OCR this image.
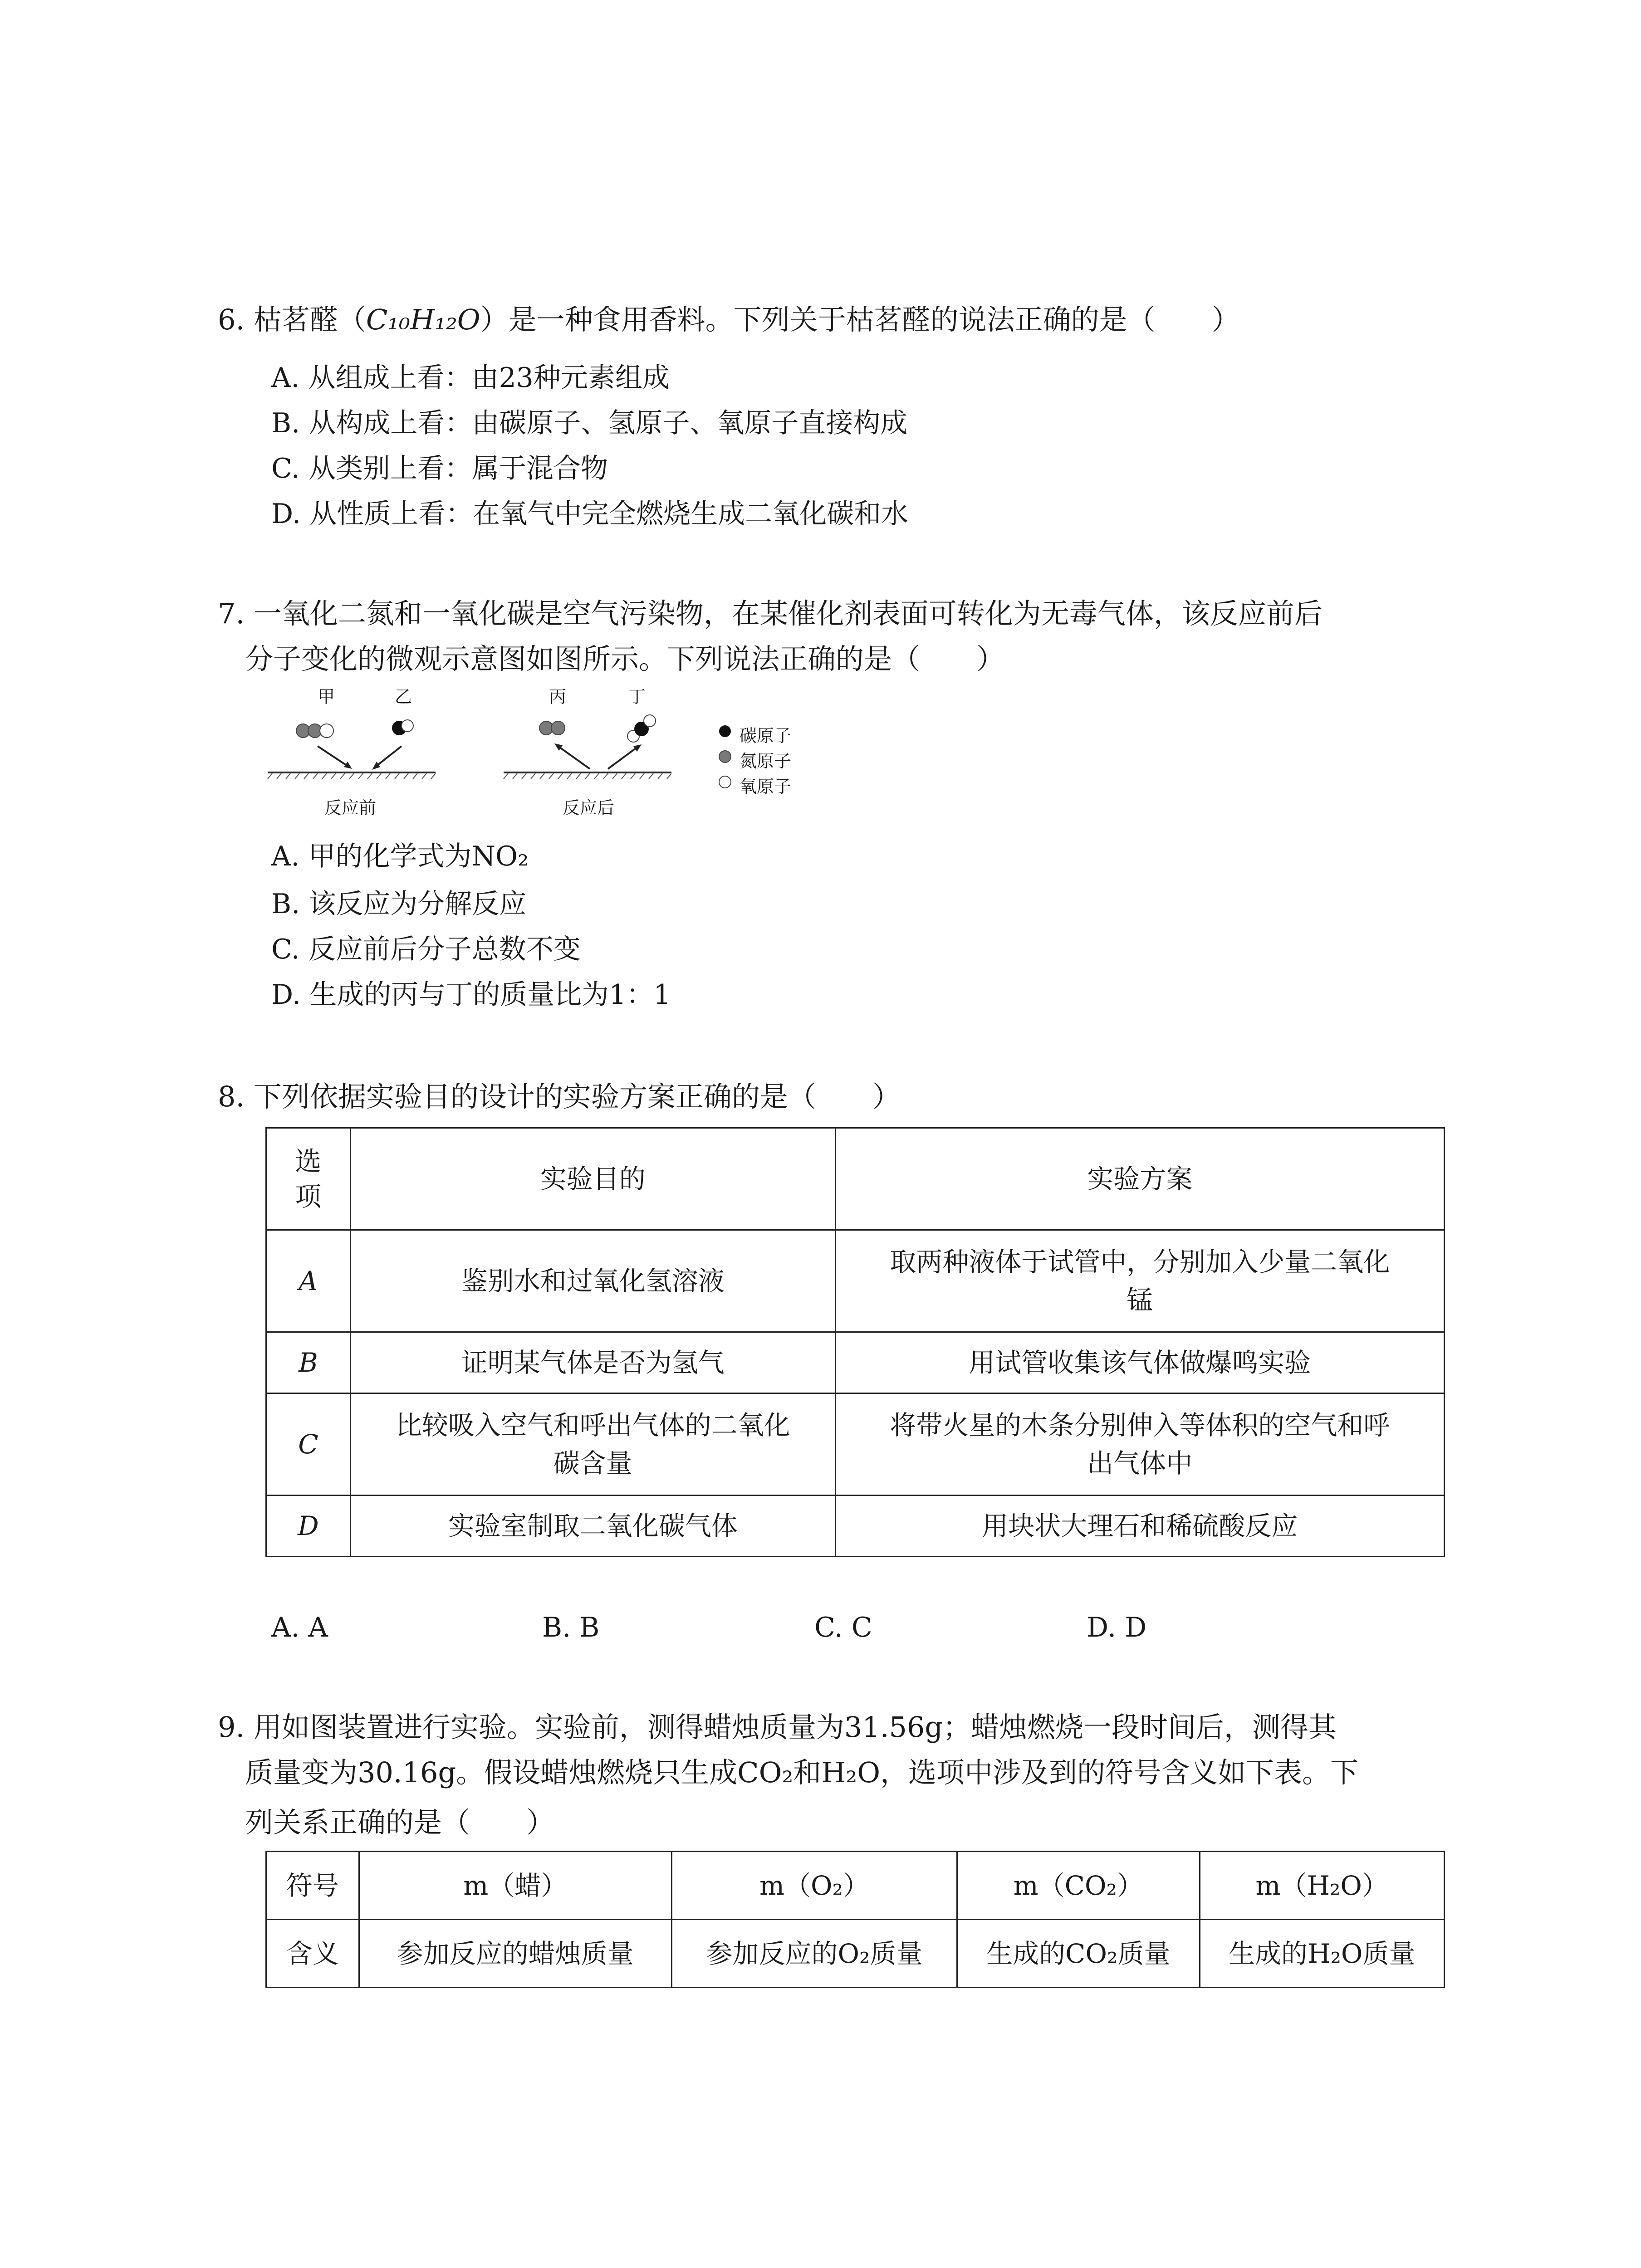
6. 枯茗醛（C₁₀H₁₂O）是一种食用香料。下列关于枯茗醛的说法正确的是（　　）
A. 从组成上看：由23种元素组成
B. 从构成上看：由碳原子、氢原子、氧原子直接构成
C. 从类别上看：属于混合物
D. 从性质上看：在氧气中完全燃烧生成二氧化碳和水
7. 一氧化二氮和一氧化碳是空气污染物，在某催化剂表面可转化为无毒气体，该反应前后
分子变化的微观示意图如图所示。下列说法正确的是（　　）
甲	乙	丙	丁
反应前	反应后
碳原子
氮原子
氧原子
A. 甲的化学式为NO₂
B. 该反应为分解反应
C. 反应前后分子总数不变
D. 生成的丙与丁的质量比为1：1
8. 下列依据实验目的设计的实验方案正确的是（　　）
选
项	实验目的	实验方案
A	鉴别水和过氧化氢溶液	取两种液体于试管中，分别加入少量二氧化
锰
B	证明某气体是否为氢气	用试管收集该气体做爆鸣实验
C	比较吸入空气和呼出气体的二氧化
碳含量	将带火星的木条分别伸入等体积的空气和呼
出气体中
D	实验室制取二氧化碳气体	用块状大理石和稀硫酸反应
A. A	B. B	C. C	D. D
9. 用如图装置进行实验。实验前，测得蜡烛质量为31.56g；蜡烛燃烧一段时间后，测得其
质量变为30.16g。假设蜡烛燃烧只生成CO₂和H₂O，选项中涉及到的符号含义如下表。下
列关系正确的是（　　）
符号	m（蜡）	m（O₂）	m（CO₂）	m（H₂O）
含义	参加反应的蜡烛质量	参加反应的O₂质量	生成的CO₂质量	生成的H₂O质量
